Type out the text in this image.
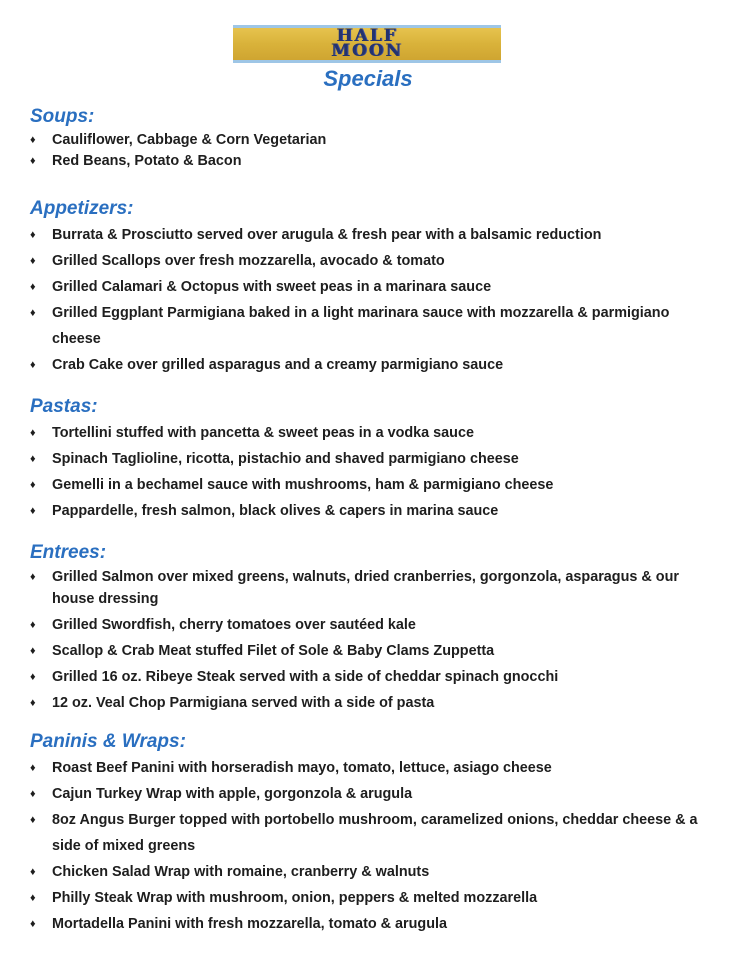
HALF
MOON
Specials
Soups:
♦ Cauliflower, Cabbage & Corn Vegetarian
♦ Red Beans, Potato & Bacon
Appetizers:
♦ Burrata & Prosciutto served over arugula & fresh pear with a balsamic reduction
♦ Grilled Scallops over fresh mozzarella, avocado & tomato
♦ Grilled Calamari & Octopus with sweet peas in a marinara sauce
♦ Grilled Eggplant Parmigiana baked in a light marinara sauce with mozzarella & parmigiano cheese
♦ Crab Cake over grilled asparagus and a creamy parmigiano sauce
Pastas:
♦ Tortellini stuffed with pancetta & sweet peas in a vodka sauce
♦ Spinach Taglioline, ricotta, pistachio and shaved parmigiano cheese
♦ Gemelli in a bechamel sauce with mushrooms, ham & parmigiano cheese
♦ Pappardelle, fresh salmon, black olives & capers in marina sauce
Entrees:
♦ Grilled Salmon over mixed greens, walnuts, dried cranberries, gorgonzola, asparagus & our house dressing
♦ Grilled Swordfish, cherry tomatoes over sautéed kale
♦ Scallop & Crab Meat stuffed Filet of Sole & Baby Clams Zuppetta
♦ Grilled 16 oz. Ribeye Steak served with a side of cheddar spinach gnocchi
♦ 12 oz. Veal Chop Parmigiana served with a side of pasta
Paninis & Wraps:
♦ Roast Beef Panini with horseradish mayo, tomato, lettuce, asiago cheese
♦ Cajun Turkey Wrap with apple, gorgonzola & arugula
♦ 8oz Angus Burger topped with portobello mushroom, caramelized onions, cheddar cheese & a side of mixed greens
♦ Chicken Salad Wrap with romaine, cranberry & walnuts
♦ Philly Steak Wrap with mushroom, onion, peppers & melted mozzarella
♦ Mortadella Panini with fresh mozzarella, tomato & arugula
